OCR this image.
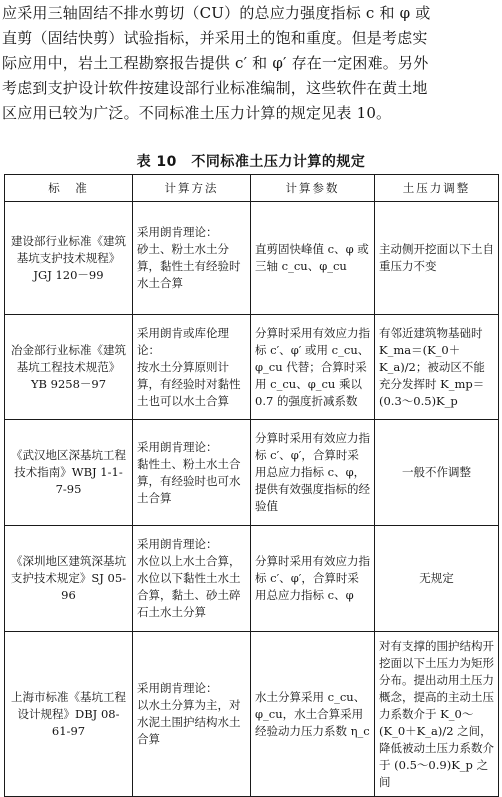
应采用三轴固结不排水剪切（CU）的总应力强度指标 c 和 φ 或
直剪（固结快剪）试验指标，并采用土的饱和重度。但是考虑实
际应用中，岩土工程勘察报告提供 c′ 和 φ′ 存在一定困难。另外
考虑到支护设计软件按建设部行业标准编制，这些软件在黄土地
区应用已较为广泛。不同标准土压力计算的规定见表 10。

表 10　不同标准土压力计算的规定
标　准	计算方法	计算参数	土压力调整

建设部行业标准《建筑基坑支护技术规程》JGJ 120－99	采用朗肯理论：
砂土、粉土水土分算，黏性土有经验时水土合算	直剪固快峰值 c、φ 或三轴 c_cu、φ_cu	主动侧开挖面以下土自重压力不变

冶金部行业标准《建筑基坑工程技术规范》YB 9258－97	采用朗肯或库伦理论：
按水土分算原则计算，有经验时对黏性土也可以水土合算	分算时采用有效应力指标 c′、φ′ 或用 c_cu、φ_cu 代替；合算时采用 c_cu、φ_cu 乘以 0.7 的强度折减系数	有邻近建筑物基础时 K_ma＝(K_0＋K_a)/2；被动区不能充分发挥时 K_mp＝(0.3～0.5)K_p

《武汉地区深基坑工程技术指南》WBJ 1-1-7-95	采用朗肯理论：
黏性土、粉土水土合算，有经验时也可水土合算	分算时采用有效应力指标 c′、φ′，合算时采用总应力指标 c、φ，提供有效强度指标的经验值	一般不作调整

《深圳地区建筑深基坑支护技术规定》SJ 05-96	采用朗肯理论：
水位以上水土合算，水位以下黏性土水土合算，黏土、砂土碎石土水土分算	分算时采用有效应力指标 c′、φ′，合算时采用总应力指标 c、φ	无规定

上海市标准《基坑工程设计规程》DBJ 08-61-97	采用朗肯理论：
以水土分算为主，对水泥土围护结构水土合算	水土分算采用 c_cu、φ_cu，水土合算采用经验动力压力系数 η_c	对有支撑的围护结构开挖面以下土压力为矩形分布。提出动用土压力概念，提高的主动土压力系数介于 K_0～(K_0＋K_a)/2 之间，降低被动土压力系数介于 (0.5～0.9)K_p 之间
